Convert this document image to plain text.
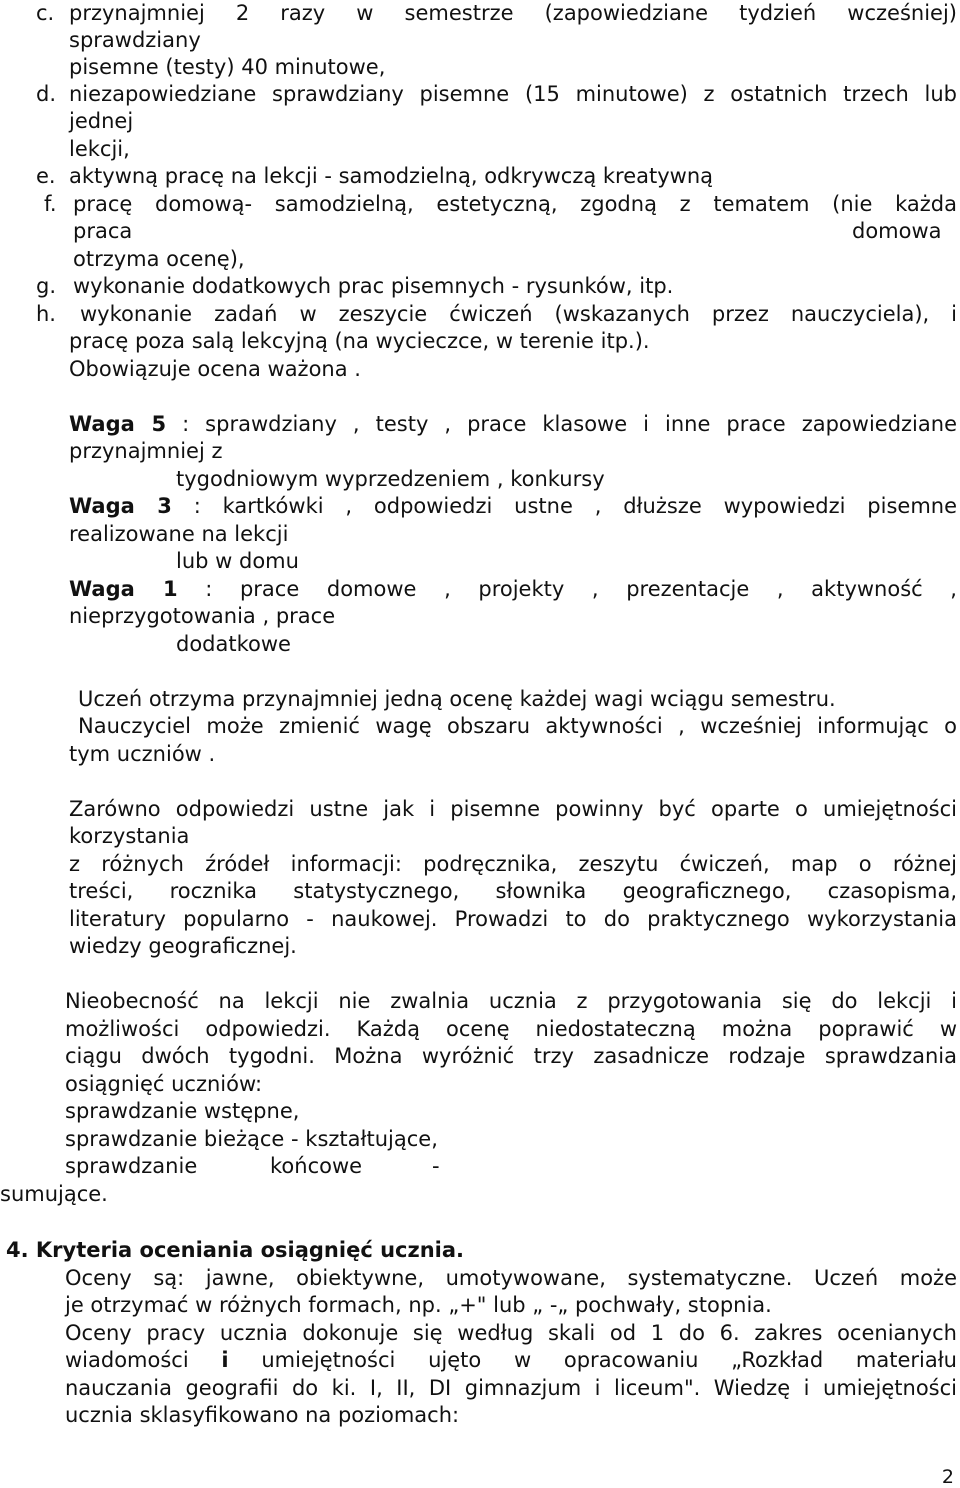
c. przynajmniej 2 razy w semestrze (zapowiedziane tydzień wcześniej)
sprawdziany
pisemne (testy) 40 minutowe,
d. niezapowiedziane sprawdziany pisemne (15 minutowe) z ostatnich trzech lub
jednej
lekcji,
e. aktywną pracę na lekcji - samodzielną, odkrywczą kreatywną
f. pracę domową- samodzielną, estetyczną, zgodną z tematem (nie każda
praca	domowa
otrzyma ocenę),
g. wykonanie dodatkowych prac pisemnych - rysunków, itp.
h. wykonanie zadań w zeszycie ćwiczeń (wskazanych przez nauczyciela), i
pracę poza salą lekcyjną (na wycieczce, w terenie itp.).
Obowiązuje ocena ważona .
Waga 5 : sprawdziany , testy , prace klasowe i inne prace zapowiedziane
przynajmniej z
tygodniowym wyprzedzeniem , konkursy
Waga 3 : kartkówki , odpowiedzi ustne , dłuższe wypowiedzi pisemne
realizowane na lekcji
lub w domu
Waga 1 : prace domowe , projekty , prezentacje , aktywność ,
nieprzygotowania , prace
dodatkowe
Uczeń otrzyma przynajmniej jedną ocenę każdej wagi wciągu semestru.
Nauczyciel może zmienić wagę obszaru aktywności , wcześniej informując o
tym uczniów .
Zarówno odpowiedzi ustne jak i pisemne powinny być oparte o umiejętności
korzystania
z różnych źródeł informacji: podręcznika, zeszytu ćwiczeń, map o różnej
treści, rocznika statystycznego, słownika geograficznego, czasopisma,
literatury popularno - naukowej. Prowadzi to do praktycznego wykorzystania
wiedzy geograficznej.
Nieobecność na lekcji nie zwalnia ucznia z przygotowania się do lekcji i
możliwości odpowiedzi. Każdą ocenę niedostateczną można poprawić w
ciągu dwóch tygodni. Można wyróżnić trzy zasadnicze rodzaje sprawdzania
osiągnięć uczniów:
sprawdzanie wstępne,
sprawdzanie bieżące - kształtujące,
sprawdzanie	końcowe	-
sumujące.
4. Kryteria oceniania osiągnięć ucznia.
Oceny są: jawne, obiektywne, umotywowane, systematyczne. Uczeń może
je otrzymać w różnych formach, np. „+" lub „ -„ pochwały, stopnia.
Oceny pracy ucznia dokonuje się według skali od 1 do 6. zakres ocenianych
wiadomości i umiejętności ujęto w opracowaniu „Rozkład materiału
nauczania geografii do ki. I, II, DI gimnazjum i liceum". Wiedzę i umiejętności
ucznia sklasyfikowano na poziomach:
2
